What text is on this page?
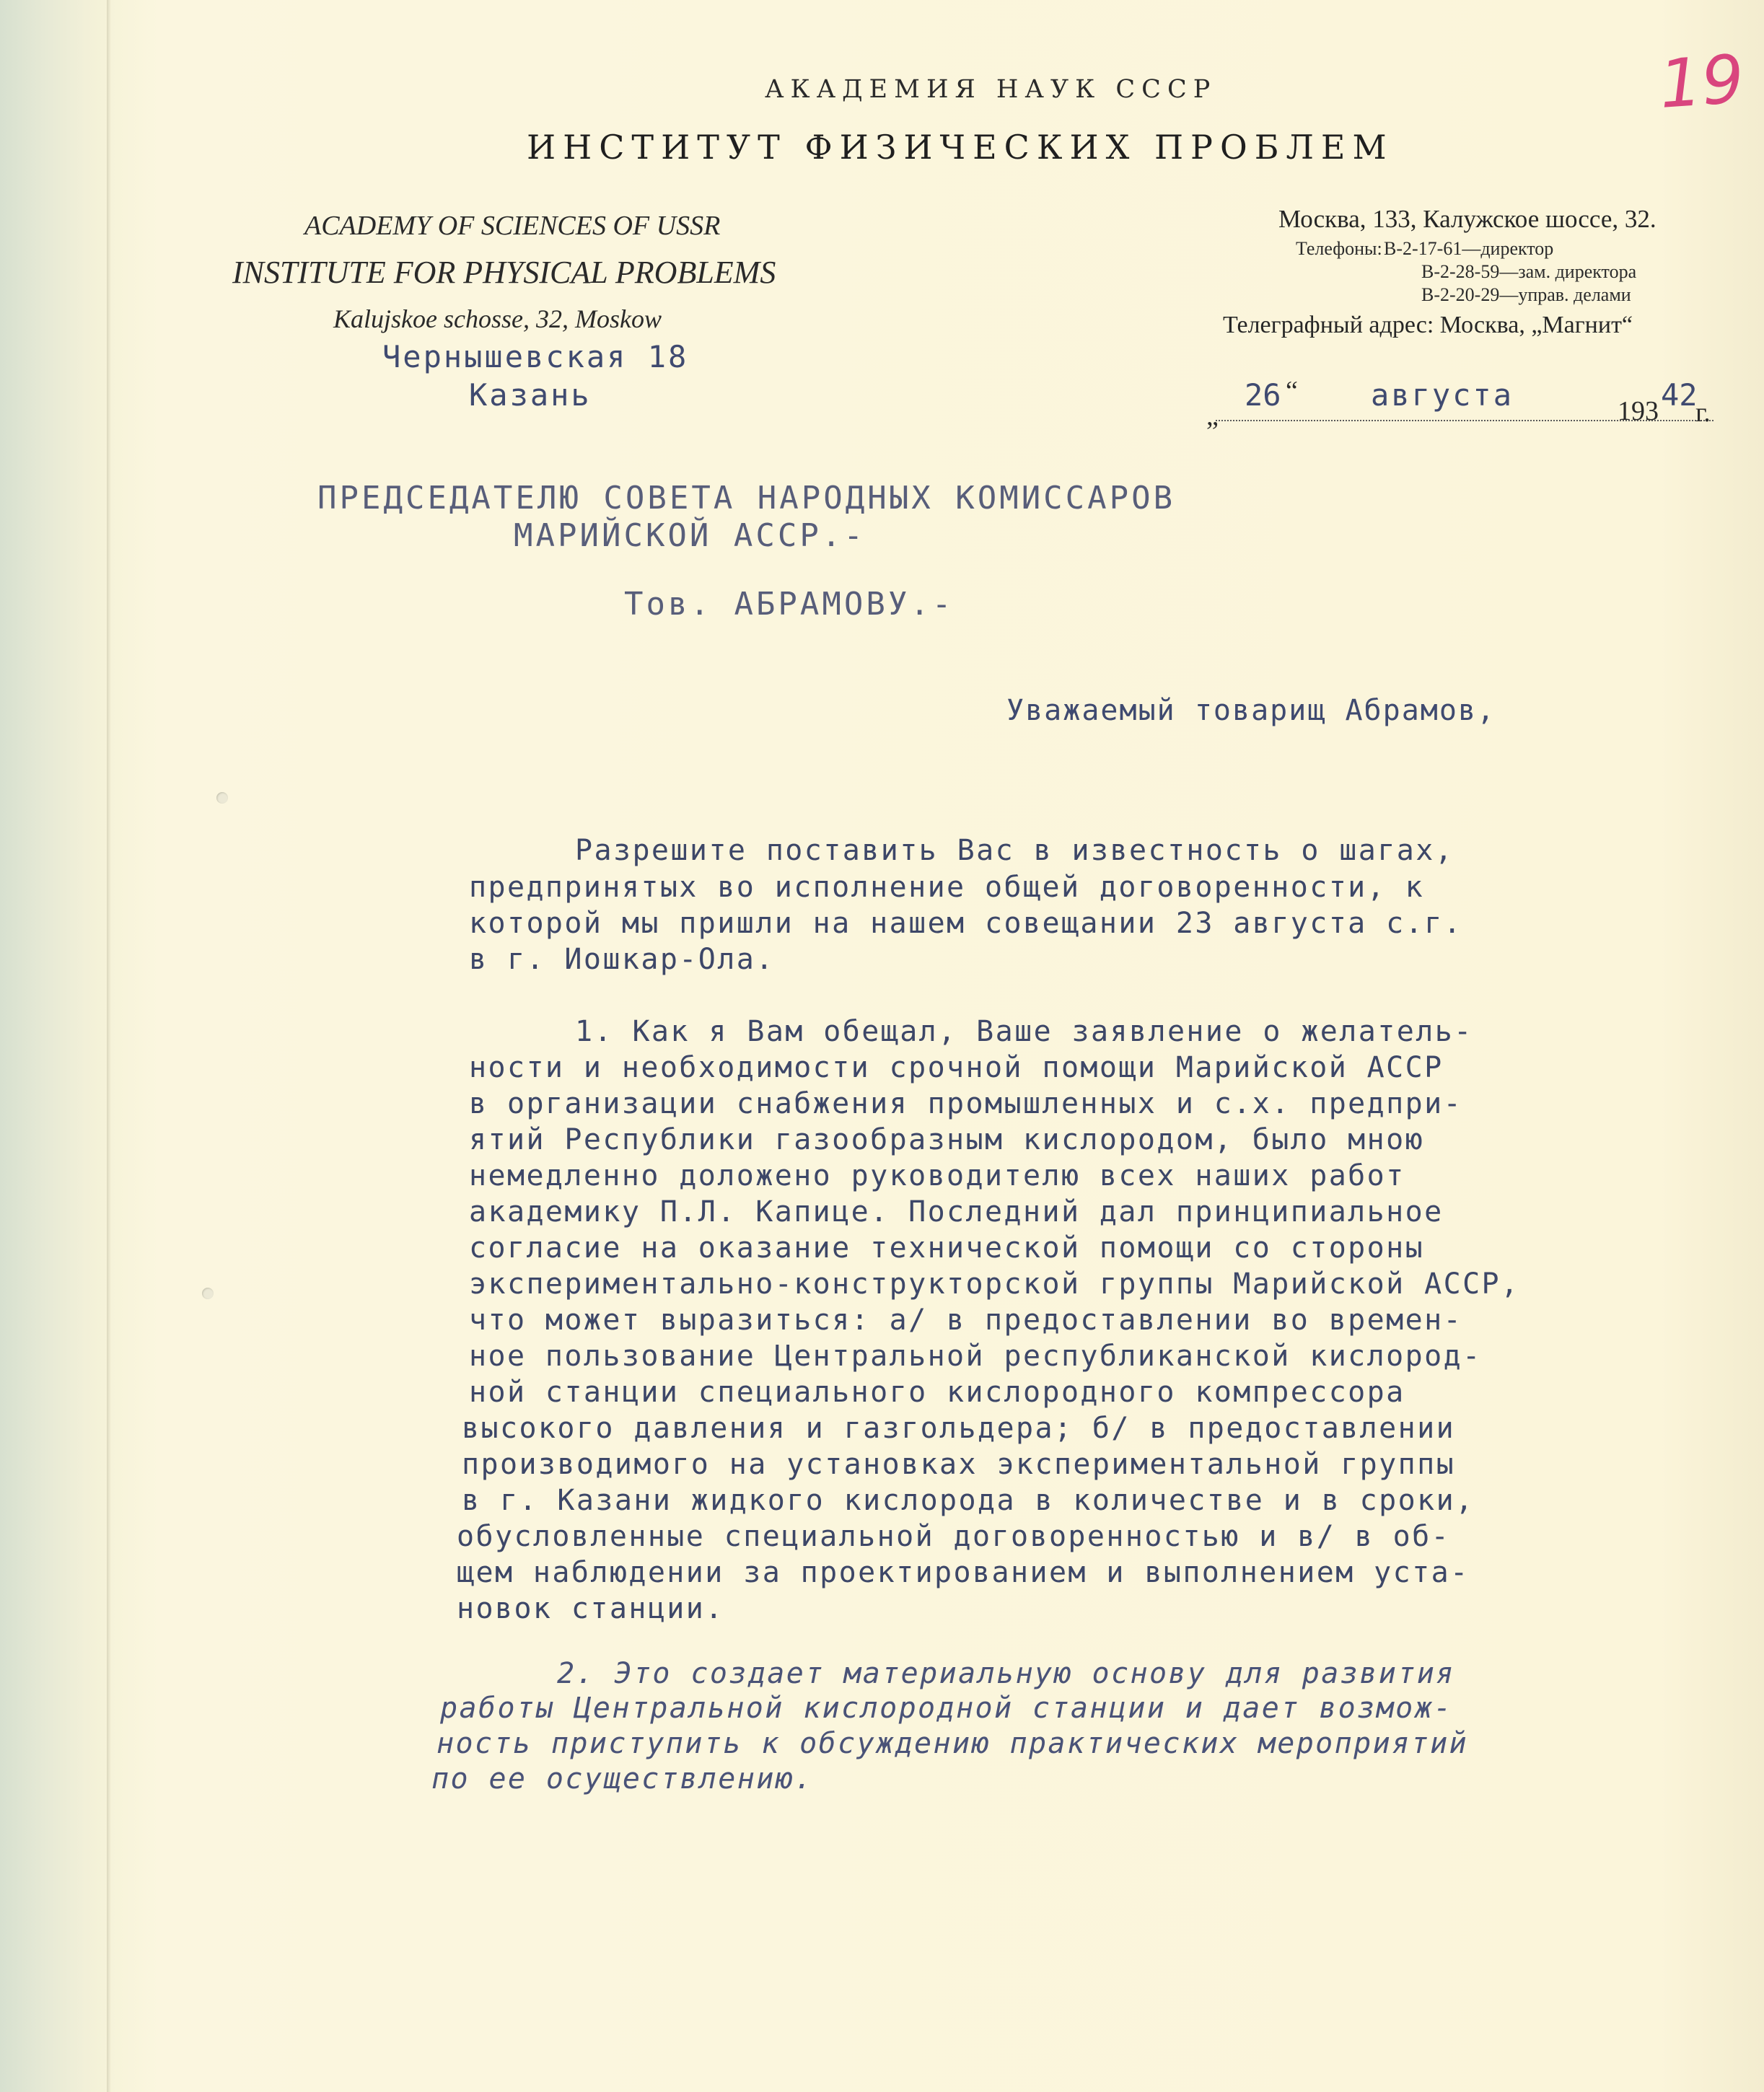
19
АКАДЕМИЯ НАУК СССР
ИНСТИТУТ ФИЗИЧЕСКИХ ПРОБЛЕМ
ACADEMY OF SCIENCES OF USSR
INSTITUTE FOR PHYSICAL PROBLEMS
Kalujskoe schosse, 32, Moskow
Москва, 133, Калужское шоссе, 32.
Телефоны: В-2-17-61—директор
В-2-28-59—зам. директора
В-2-20-29—управ. делами
Телеграфный адрес: Москва, „Магнит“
Чернышевская 18
Казань
„
26 “ августа	193 42
г.
ПРЕДСЕДАТЕЛЮ СОВЕТА НАРОДНЫХ КОМИССАРОВ
МАРИЙСКОЙ АССР.-
Тов. АБРАМОВУ.-
Уважаемый товарищ Абрамов,
Разрешите поставить Вас в известность о шагах,
предпринятых во исполнение общей договоренности, к
которой мы пришли на нашем совещании 23 августа с.г.
в г. Иошкар-Ола.
1. Как я Вам обещал, Ваше заявление о желатель-
ности и необходимости срочной помощи Марийской АССР
в организации снабжения промышленных и с.х. предпри-
ятий Республики газообразным кислородом, было мною
немедленно доложено руководителю всех наших работ
академику П.Л. Капице. Последний дал принципиальное
согласие на оказание технической помощи со стороны
экспериментально-конструкторской группы Марийской АССР,
что может выразиться: а/ в предоставлении во времен-
ное пользование Центральной республиканской кислород-
ной станции специального кислородного компрессора
высокого давления и газгольдера; б/ в предоставлении
производимого на установках экспериментальной группы
в г. Казани жидкого кислорода в количестве и в сроки,
обусловленные специальной договоренностью и в/ в об-
щем наблюдении за проектированием и выполнением уста-
новок станции.
2. Это создает материальную основу для развития
работы Центральной кислородной станции и дает возмож-
ность приступить к обсуждению практических мероприятий
по ее осуществлению.
